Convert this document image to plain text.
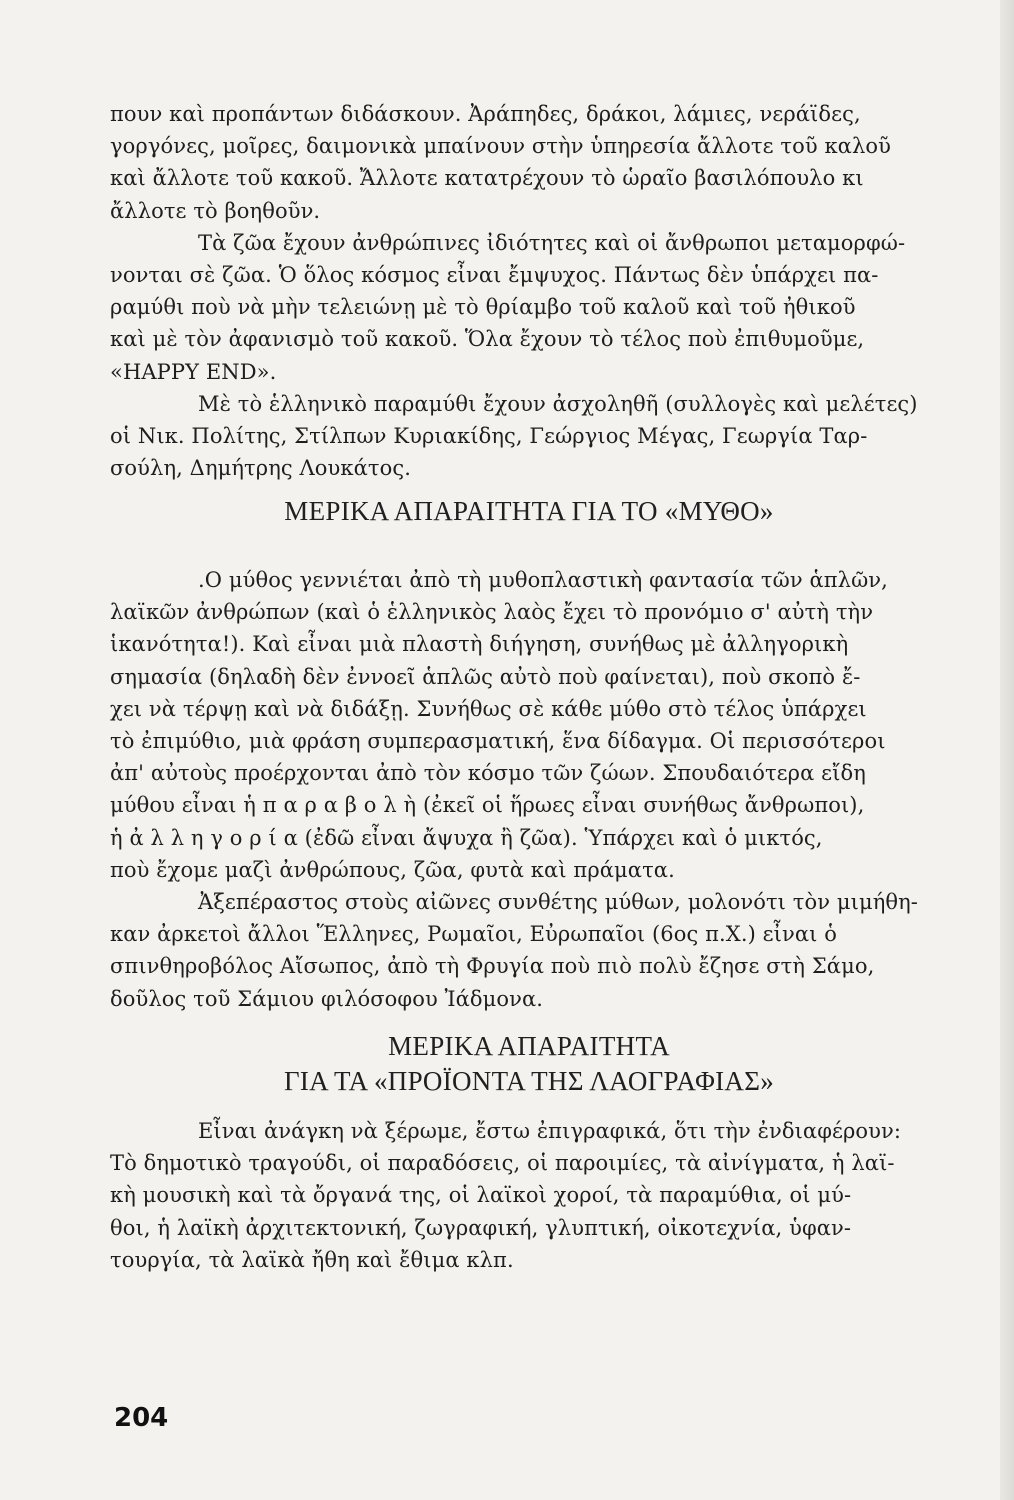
πουν καὶ προπάντων διδάσκουν. Ἀράπηδες, δράκοι, λάμιες, νεράϊδες,
γοργόνες, μοῖρες, δαιμονικὰ μπαίνουν στὴν ὑπηρεσία ἄλλοτε τοῦ καλοῦ
καὶ ἄλλοτε τοῦ κακοῦ. Ἄλλοτε κατατρέχουν τὸ ὡραῖο βασιλόπουλο κι
ἄλλοτε τὸ βοηθοῦν.
Τὰ ζῶα ἔχουν ἀνθρώπινες ἰδιότητες καὶ οἱ ἄνθρωποι μεταμορφώ-
νονται σὲ ζῶα. Ὁ ὅλος κόσμος εἶναι ἔμψυχος. Πάντως δὲν ὑπάρχει πα-
ραμύθι ποὺ νὰ μὴν τελειώνῃ μὲ τὸ θρίαμβο τοῦ καλοῦ καὶ τοῦ ἠθικοῦ
καὶ μὲ τὸν ἀφανισμὸ τοῦ κακοῦ. Ὅλα ἔχουν τὸ τέλος ποὺ ἐπιθυμοῦμε,
«HAPPY END».
Μὲ τὸ ἑλληνικὸ παραμύθι ἔχουν ἀσχοληθῆ (συλλογὲς καὶ μελέτες)
οἱ Νικ. Πολίτης, Στίλπων Κυριακίδης, Γεώργιος Μέγας, Γεωργία Ταρ-
σούλη, Δημήτρης Λουκάτος.
ΜΕΡΙΚΑ ΑΠΑΡΑΙΤΗΤΑ ΓΙΑ ΤΟ «ΜΥΘΟ»
.Ο μύθος γεννιέται ἀπὸ τὴ μυθοπλαστικὴ φαντασία τῶν ἁπλῶν,
λαϊκῶν ἀνθρώπων (καὶ ὁ ἑλληνικὸς λαὸς ἔχει τὸ προνόμιο σ' αὐτὴ τὴν
ἱκανότητα!). Καὶ εἶναι μιὰ πλαστὴ διήγηση, συνήθως μὲ ἀλληγορικὴ
σημασία (δηλαδὴ δὲν ἐννοεῖ ἁπλῶς αὐτὸ ποὺ φαίνεται), ποὺ σκοπὸ ἔ-
χει νὰ τέρψῃ καὶ νὰ διδάξῃ. Συνήθως σὲ κάθε μύθο στὸ τέλος ὑπάρχει
τὸ ἐπιμύθιο, μιὰ φράση συμπερασματική, ἕνα δίδαγμα. Οἱ περισσότεροι
ἀπ' αὐτοὺς προέρχονται ἀπὸ τὸν κόσμο τῶν ζώων. Σπουδαιότερα εἴδη
μύθου εἶναι ἡ π α ρ α β ο λ ὴ (ἐκεῖ οἱ ἥρωες εἶναι συνήθως ἄνθρωποι),
ἡ ἀ λ λ η γ ο ρ ί α (ἐδῶ εἶναι ἄψυχα ἢ ζῶα). Ὑπάρχει καὶ ὁ μικτός,
ποὺ ἔχομε μαζὶ ἀνθρώπους, ζῶα, φυτὰ καὶ πράματα.
Ἀξεπέραστος στοὺς αἰῶνες συνθέτης μύθων, μολονότι τὸν μιμήθη-
καν ἀρκετοὶ ἄλλοι Ἕλληνες, Ρωμαῖοι, Εὐρωπαῖοι (6ος π.Χ.) εἶναι ὁ
σπινθηροβόλος Αἴσωπος, ἀπὸ τὴ Φρυγία ποὺ πιὸ πολὺ ἔζησε στὴ Σάμο,
δοῦλος τοῦ Σάμιου φιλόσοφου Ἰάδμονα.
ΜΕΡΙΚΑ ΑΠΑΡΑΙΤΗΤΑ
ΓΙΑ ΤΑ «ΠΡΟΪΟΝΤΑ ΤΗΣ ΛΑΟΓΡΑΦΙΑΣ»
Εἶναι ἀνάγκη νὰ ξέρωμε, ἔστω ἐπιγραφικά, ὅτι τὴν ἐνδιαφέρουν:
Τὸ δημοτικὸ τραγούδι, οἱ παραδόσεις, οἱ παροιμίες, τὰ αἰνίγματα, ἡ λαϊ-
κὴ μουσικὴ καὶ τὰ ὄργανά της, οἱ λαϊκοὶ χοροί, τὰ παραμύθια, οἱ μύ-
θοι, ἡ λαϊκὴ ἀρχιτεκτονική, ζωγραφική, γλυπτική, οἰκοτεχνία, ὑφαν-
τουργία, τὰ λαϊκὰ ἤθη καὶ ἔθιμα κλπ.
204
